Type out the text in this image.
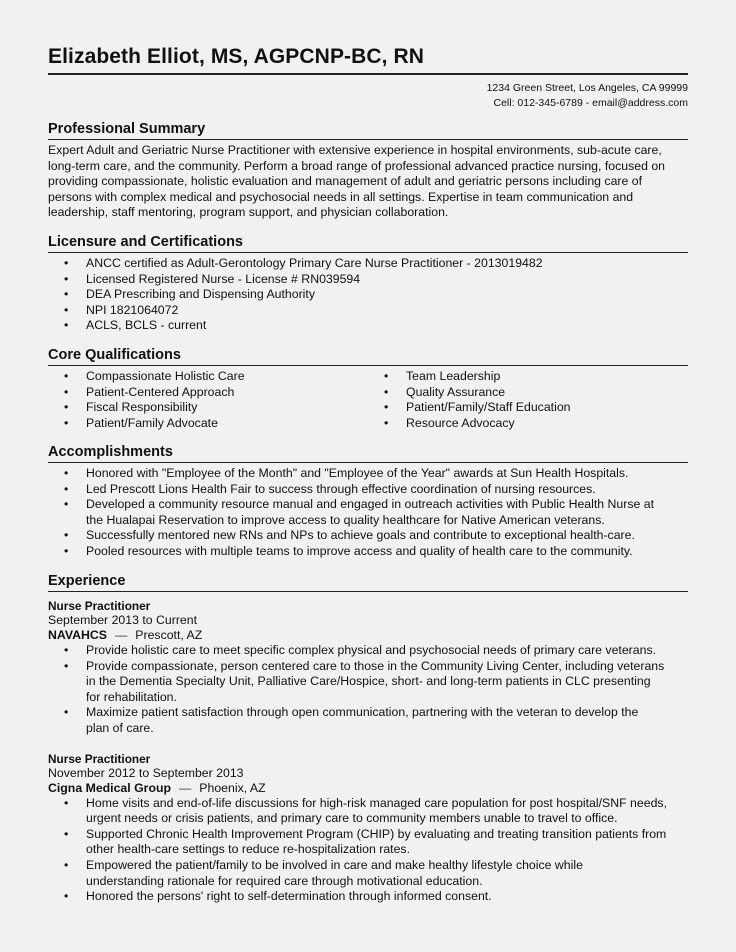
Elizabeth Elliot, MS, AGPCNP-BC, RN
1234 Green Street, Los Angeles, CA 99999
Cell: 012-345-6789 - email@address.com
Professional Summary
Expert Adult and Geriatric Nurse Practitioner with extensive experience in hospital environments, sub-acute care,
long-term care, and the community. Perform a broad range of professional advanced practice nursing, focused on
providing compassionate, holistic evaluation and management of adult and geriatric persons including care of
persons with complex medical and psychosocial needs in all settings. Expertise in team communication and
leadership, staff mentoring, program support, and physician collaboration.
Licensure and Certifications
• ANCC certified as Adult-Gerontology Primary Care Nurse Practitioner - 2013019482
• Licensed Registered Nurse - License # RN039594
• DEA Prescribing and Dispensing Authority
• NPI 1821064072
• ACLS, BCLS - current
Core Qualifications
• Compassionate Holistic Care
• Patient-Centered Approach
• Fiscal Responsibility
• Patient/Family Advocate
• Team Leadership
• Quality Assurance
• Patient/Family/Staff Education
• Resource Advocacy
Accomplishments
• Honored with "Employee of the Month" and "Employee of the Year" awards at Sun Health Hospitals.
• Led Prescott Lions Health Fair to success through effective coordination of nursing resources.
• Developed a community resource manual and engaged in outreach activities with Public Health Nurse at
the Hualapai Reservation to improve access to quality healthcare for Native American veterans.
• Successfully mentored new RNs and NPs to achieve goals and contribute to exceptional health-care.
• Pooled resources with multiple teams to improve access and quality of health care to the community.
Experience
Nurse Practitioner
September 2013 to Current
NAVAHCS — Prescott, AZ
• Provide holistic care to meet specific complex physical and psychosocial needs of primary care veterans.
• Provide compassionate, person centered care to those in the Community Living Center, including veterans
in the Dementia Specialty Unit, Palliative Care/Hospice, short- and long-term patients in CLC presenting
for rehabilitation.
• Maximize patient satisfaction through open communication, partnering with the veteran to develop the
plan of care.
Nurse Practitioner
November 2012 to September 2013
Cigna Medical Group — Phoenix, AZ
• Home visits and end-of-life discussions for high-risk managed care population for post hospital/SNF needs,
urgent needs or crisis patients, and primary care to community members unable to travel to office.
• Supported Chronic Health Improvement Program (CHIP) by evaluating and treating transition patients from
other health-care settings to reduce re-hospitalization rates.
• Empowered the patient/family to be involved in care and make healthy lifestyle choice while
understanding rationale for required care through motivational education.
• Honored the persons' right to self-determination through informed consent.
